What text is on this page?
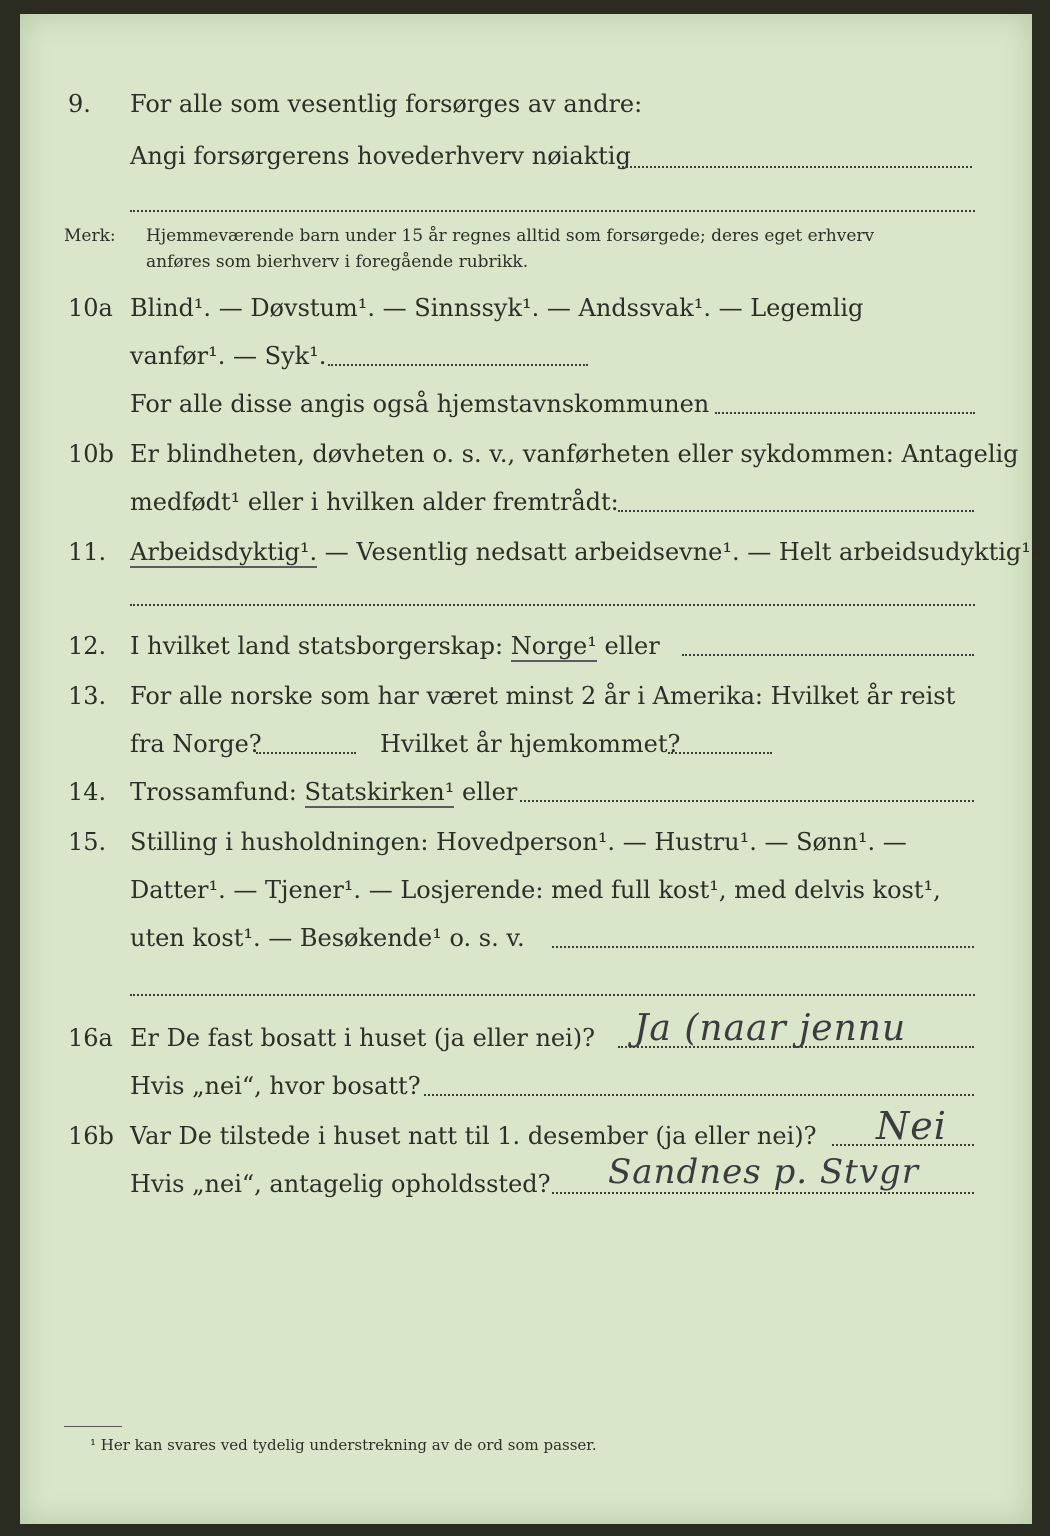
9. For alle som vesentlig forsørges av andre:
Angi forsørgerens hovederhverv nøiaktig
Merk: Hjemmeværende barn under 15 år regnes alltid som forsørgede; deres eget erhverv
anføres som bierhverv i foregående rubrikk.
10a Blind¹. — Døvstum¹. — Sinnssyk¹. — Andssvak¹. — Legemlig
vanfør¹. — Syk¹.
For alle disse angis også hjemstavnskommunen
10b Er blindheten, døvheten o. s. v., vanførheten eller sykdommen: Antagelig
medfødt¹ eller i hvilken alder fremtrådt:
11. Arbeidsdyktig¹. — Vesentlig nedsatt arbeidsevne¹. — Helt arbeidsudyktig¹.
12. I hvilket land statsborgerskap: Norge¹ eller
13. For alle norske som har været minst 2 år i Amerika: Hvilket år reist
fra Norge?	Hvilket år hjemkommet?
14. Trossamfund: Statskirken¹ eller
15. Stilling i husholdningen: Hovedperson¹. — Hustru¹. — Sønn¹. —
Datter¹. — Tjener¹. — Losjerende: med full kost¹, med delvis kost¹,
uten kost¹. — Besøkende¹ o. s. v.
16a Er De fast bosatt i huset (ja eller nei)? Ja (naar jennu
Hvis „nei“, hvor bosatt?
16b Var De tilstede i huset natt til 1. desember (ja eller nei)? Nei
Hvis „nei“, antagelig opholdssted? Sandnes p. Stvgr
¹ Her kan svares ved tydelig understrekning av de ord som passer.
